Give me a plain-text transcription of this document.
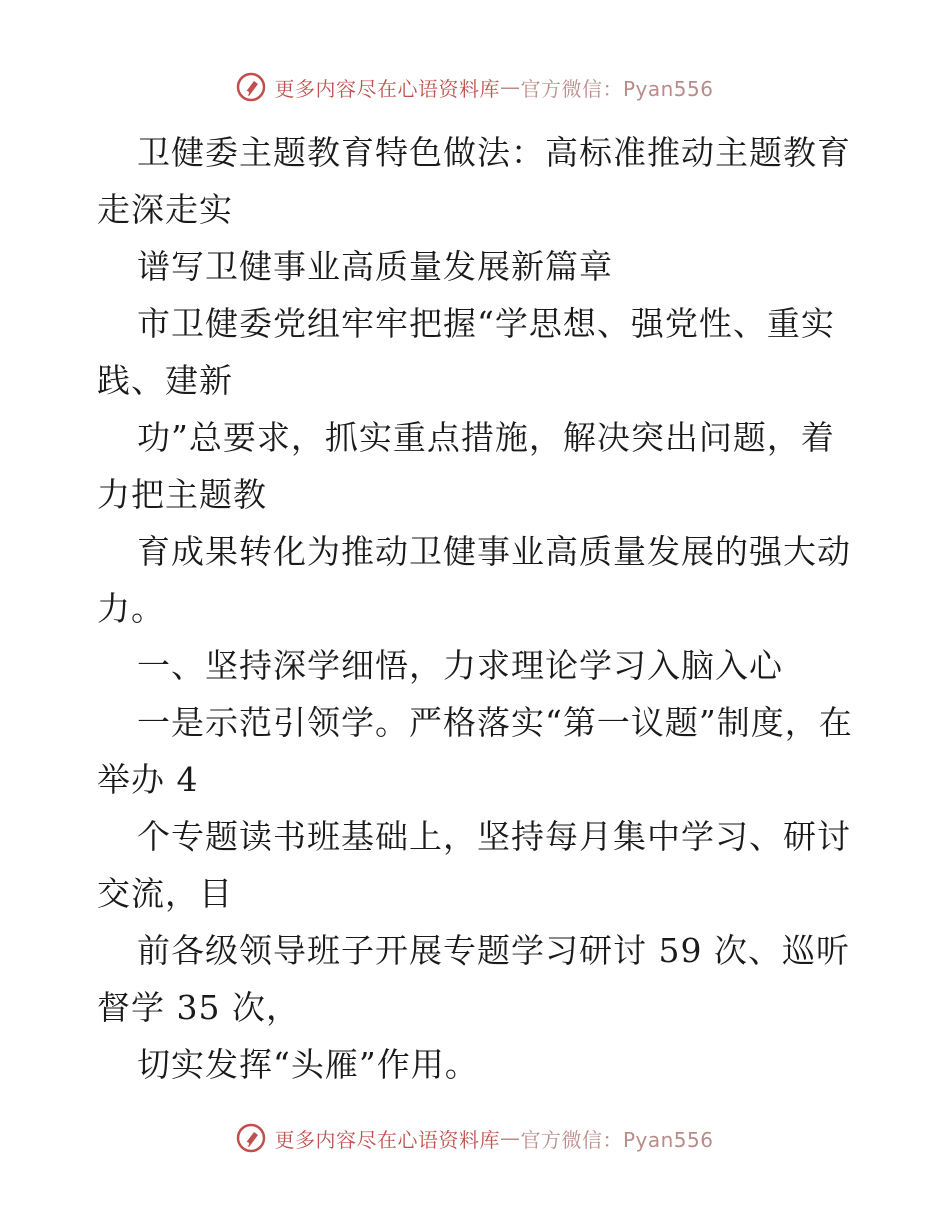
更多内容尽在心语资料库 — 官方微信：Pyan556

卫健委主题教育特色做法：高标准推动主题教育走深走实

谱写卫健事业高质量发展新篇章

市卫健委党组牢牢把握“学思想、强党性、重实践、建新

功”总要求，抓实重点措施，解决突出问题，着力把主题教

育成果转化为推动卫健事业高质量发展的强大动力。

一、坚持深学细悟，力求理论学习入脑入心

一是示范引领学。严格落实“第一议题”制度，在举办 4

个专题读书班基础上，坚持每月集中学习、研讨交流，目

前各级领导班子开展专题学习研讨 59 次、巡听督学 35 次，

切实发挥“头雁”作用。

更多内容尽在心语资料库 — 官方微信：Pyan556
